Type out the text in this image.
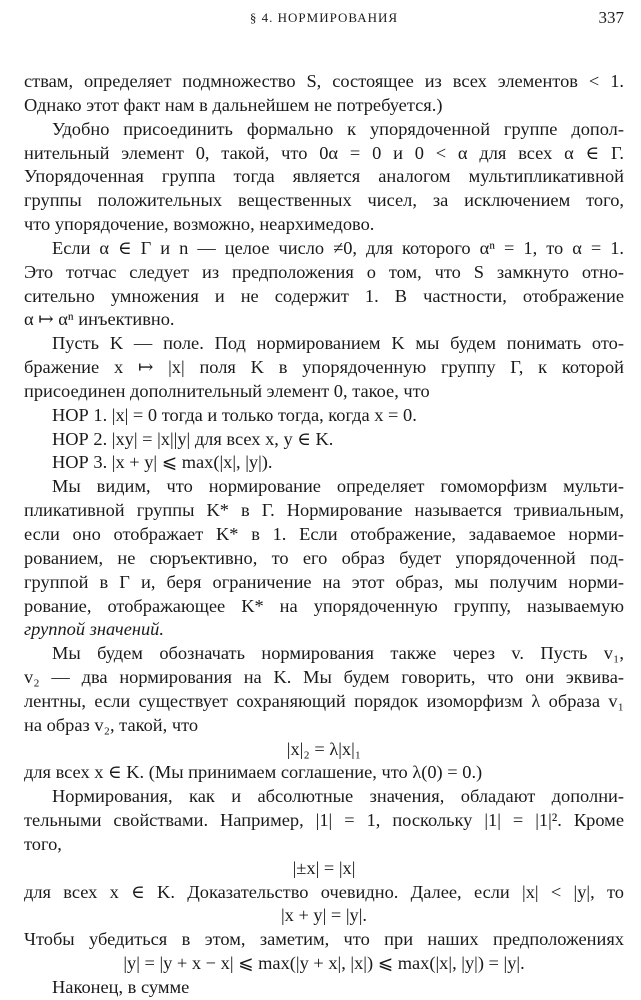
§ 4. НОРМИРОВАНИЯ	337
ствам, определяет подмножество S, состоящее из всех элементов < 1.
Однако этот факт нам в дальнейшем не потребуется.)
Удобно присоединить формально к упорядоченной группе допол-
нительный элемент 0, такой, что 0α = 0 и 0 < α для всех α ∈ Γ.
Упорядоченная группа тогда является аналогом мультипликативной
группы положительных вещественных чисел, за исключением того,
что упорядочение, возможно, неархимедово.
Если α ∈ Γ и n — целое число ≠0, для которого αⁿ = 1, то α = 1.
Это тотчас следует из предположения о том, что S замкнуто отно-
сительно умножения и не содержит 1. В частности, отображение
α ↦ αⁿ инъективно.
Пусть K — поле. Под нормированием K мы будем понимать ото-
бражение x ↦ |x| поля K в упорядоченную группу Γ, к которой
присоединен дополнительный элемент 0, такое, что
НОР 1. |x| = 0 тогда и только тогда, когда x = 0.
НОР 2. |xy| = |x||y| для всех x, y ∈ K.
НОР 3. |x + y| ⩽ max(|x|, |y|).
Мы видим, что нормирование определяет гомоморфизм мульти-
пликативной группы K* в Γ. Нормирование называется тривиальным,
если оно отображает K* в 1. Если отображение, задаваемое норми-
рованием, не сюръективно, то его образ будет упорядоченной под-
группой в Γ и, беря ограничение на этот образ, мы получим норми-
рование, отображающее K* на упорядоченную группу, называемую
группой значений.
Мы будем обозначать нормирования также через v. Пусть v₁,
v₂ — два нормирования на K. Мы будем говорить, что они эквива-
лентны, если существует сохраняющий порядок изоморфизм λ образа v₁
на образ v₂, такой, что
|x|₂ = λ|x|₁
для всех x ∈ K. (Мы принимаем соглашение, что λ(0) = 0.)
Нормирования, как и абсолютные значения, обладают дополни-
тельными свойствами. Например, |1| = 1, поскольку |1| = |1|². Кроме
того,
|±x| = |x|
для всех x ∈ K. Доказательство очевидно. Далее, если |x| < |y|, то
|x + y| = |y|.
Чтобы убедиться в этом, заметим, что при наших предположениях
|y| = |y + x − x| ⩽ max(|y + x|, |x|) ⩽ max(|x|, |y|) = |y|.
Наконец, в сумме
